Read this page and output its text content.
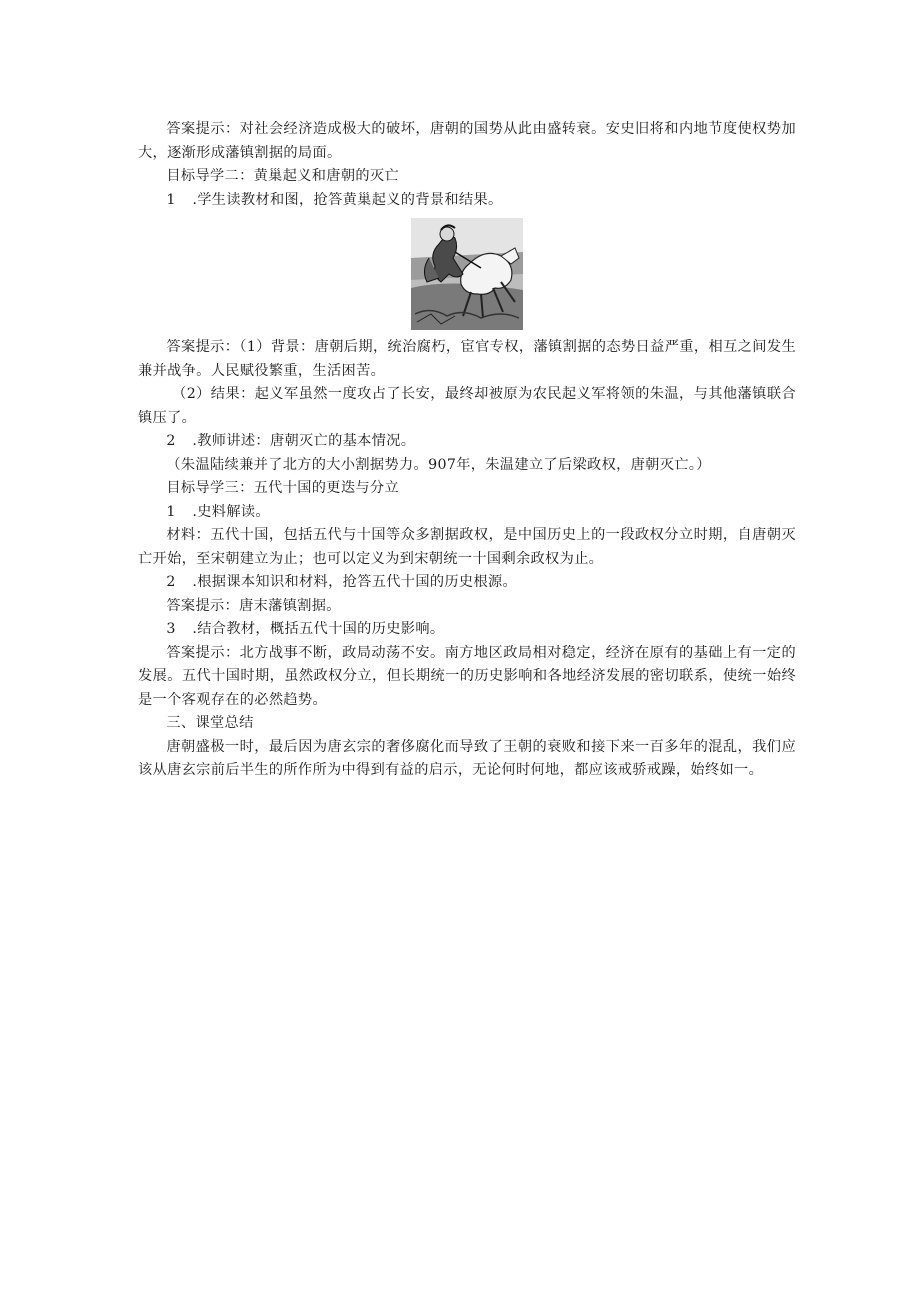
答案提示：对社会经济造成极大的破坏，唐朝的国势从此由盛转衰。安史旧将和内地节度使权势加大，逐渐形成藩镇割据的局面。

目标导学二：黄巢起义和唐朝的灭亡

1 .学生读教材和图，抢答黄巢起义的背景和结果。

答案提示：（1）背景：唐朝后期，统治腐朽，宦官专权，藩镇割据的态势日益严重，相互之间发生兼并战争。人民赋役繁重，生活困苦。

（2）结果：起义军虽然一度攻占了长安，最终却被原为农民起义军将领的朱温，与其他藩镇联合镇压了。

2 .教师讲述：唐朝灭亡的基本情况。

（朱温陆续兼并了北方的大小割据势力。907年，朱温建立了后梁政权，唐朝灭亡。）

目标导学三：五代十国的更迭与分立

1 .史料解读。

材料：五代十国，包括五代与十国等众多割据政权，是中国历史上的一段政权分立时期，自唐朝灭亡开始，至宋朝建立为止；也可以定义为到宋朝统一十国剩余政权为止。

2 .根据课本知识和材料，抢答五代十国的历史根源。

答案提示：唐末藩镇割据。

3 .结合教材，概括五代十国的历史影响。

答案提示：北方战事不断，政局动荡不安。南方地区政局相对稳定，经济在原有的基础上有一定的发展。五代十国时期，虽然政权分立，但长期统一的历史影响和各地经济发展的密切联系，使统一始终是一个客观存在的必然趋势。

三、课堂总结

唐朝盛极一时，最后因为唐玄宗的奢侈腐化而导致了王朝的衰败和接下来一百多年的混乱，我们应该从唐玄宗前后半生的所作所为中得到有益的启示，无论何时何地，都应该戒骄戒躁，始终如一。
